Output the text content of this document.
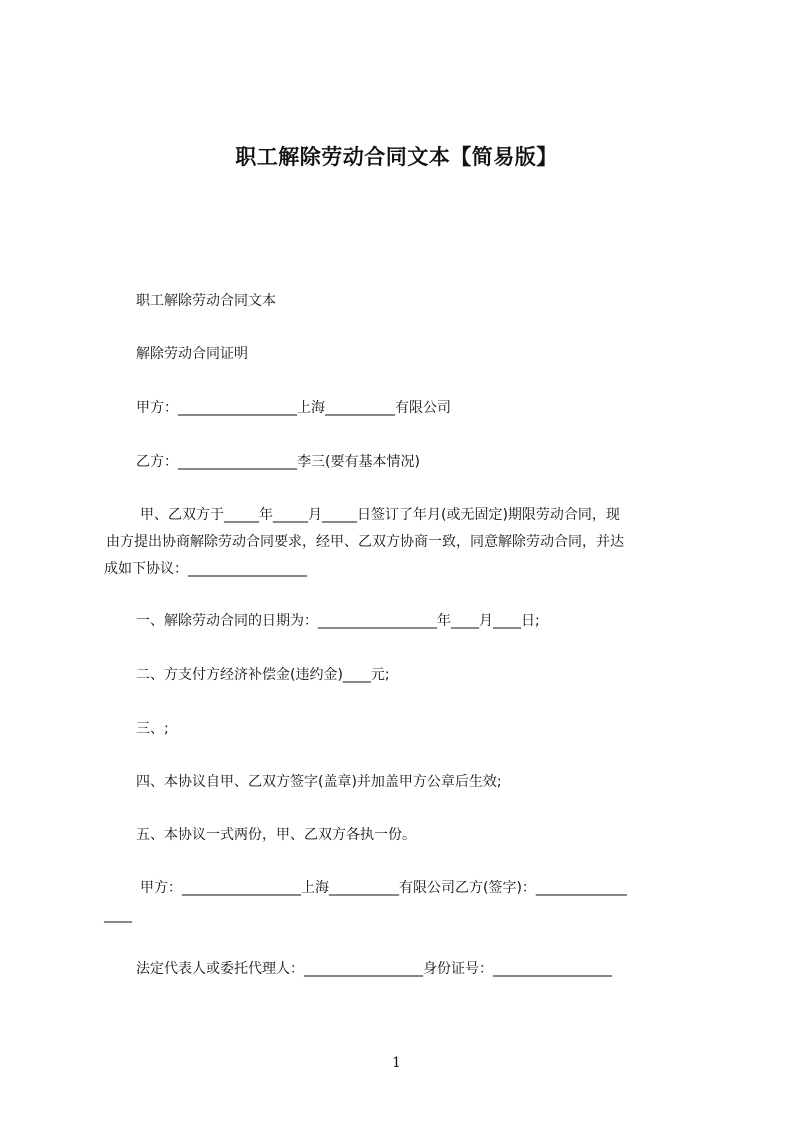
职工解除劳动合同文本【简易版】
职工解除劳动合同文本
解除劳动合同证明
甲方：_________________上海__________有限公司
乙方：_________________李三(要有基本情况)
甲、乙双方于_____年_____月_____日签订了年月(或无固定)期限劳动合同，现
由方提出协商解除劳动合同要求，经甲、乙双方协商一致，同意解除劳动合同，并达
成如下协议：_________________
一、解除劳动合同的日期为：_________________年____月____日;
二、方支付方经济补偿金(违约金)____元;
三、;
四、本协议自甲、乙双方签字(盖章)并加盖甲方公章后生效;
五、本协议一式两份，甲、乙双方各执一份。
甲方：_________________上海__________有限公司乙方(签字)：_____________
____
法定代表人或委托代理人：_________________身份证号：_________________
1
